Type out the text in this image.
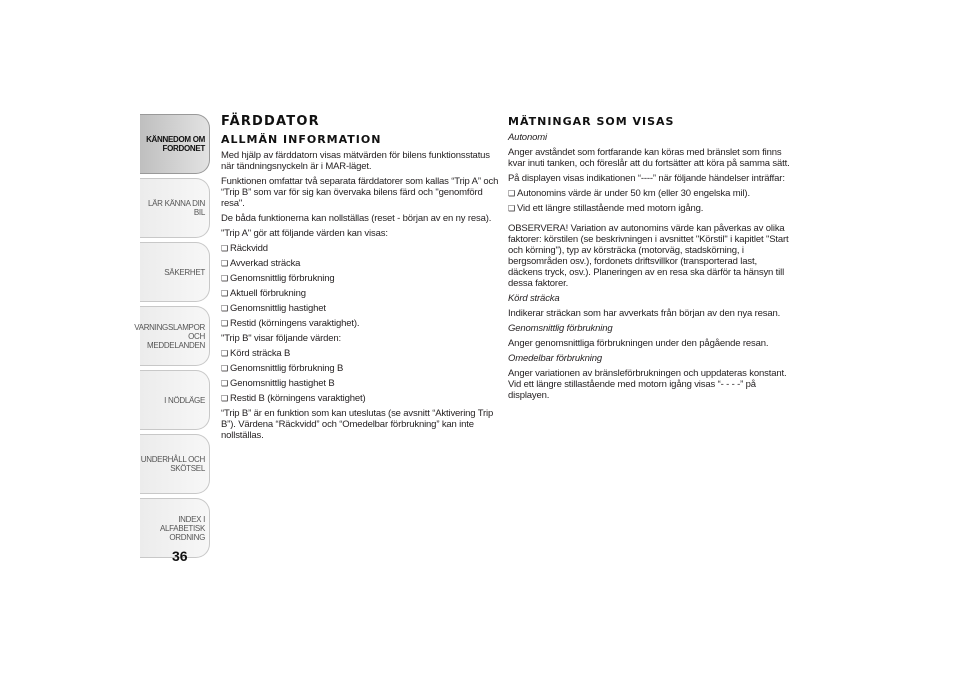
KÄNNEDOM OM
FORDONET
LÄR KÄNNA DIN BIL
SÄKERHET
VARNINGSLAMPOR
OCH MEDDELANDEN
I NÖDLÄGE
UNDERHÅLL OCH
SKÖTSEL
INDEX I ALFABETISK
ORDNING
36
FÄRDDATOR
ALLMÄN INFORMATION

Med hjälp av färddatorn visas mätvärden för bilens funktionsstatus när tändningsnyckeln är i MAR-läget.

Funktionen omfattar två separata färddatorer som kallas “Trip A” och “Trip B” som var för sig kan övervaka bilens färd och "genomförd resa".

De båda funktionerna kan nollställas (reset - början av en ny resa).

"Trip A" gör att följande värden kan visas:

❑ Räckvidd
❑ Avverkad sträcka
❑ Genomsnittlig förbrukning
❑ Aktuell förbrukning
❑ Genomsnittlig hastighet
❑ Restid (körningens varaktighet).

"Trip B" visar följande värden:

❑ Körd sträcka B
❑ Genomsnittlig förbrukning B
❑ Genomsnittlig hastighet B
❑ Restid B (körningens varaktighet)

“Trip B” är en funktion som kan uteslutas (se avsnitt “Aktivering Trip B”). Värdena “Räckvidd” och “Omedelbar förbrukning” kan inte nollställas.

MÄTNINGAR SOM VISAS
Autonomi

Anger avståndet som fortfarande kan köras med bränslet som finns kvar inuti tanken, och föreslår att du fortsätter att köra på samma sätt.

På displayen visas indikationen “----” när följande händelser inträffar:

❑ Autonomins värde är under 50 km (eller 30 engelska mil).
❑ Vid ett längre stillastående med motorn igång.

OBSERVERA! Variation av autonomins värde kan påverkas av olika faktorer: körstilen (se beskrivningen i avsnittet "Körstil" i kapitlet "Start och körning"), typ av körsträcka (motorväg, stadskörning, i bergsområden osv.), fordonets driftsvillkor (transporterad last, däckens tryck, osv.). Planeringen av en resa ska därför ta hänsyn till dessa faktorer.

Körd sträcka

Indikerar sträckan som har avverkats från början av den nya resan.

Genomsnittlig förbrukning

Anger genomsnittliga förbrukningen under den pågående resan.

Omedelbar förbrukning

Anger variationen av bränsleförbrukningen och uppdateras konstant. Vid ett längre stillastående med motorn igång visas “- - - -” på displayen.
